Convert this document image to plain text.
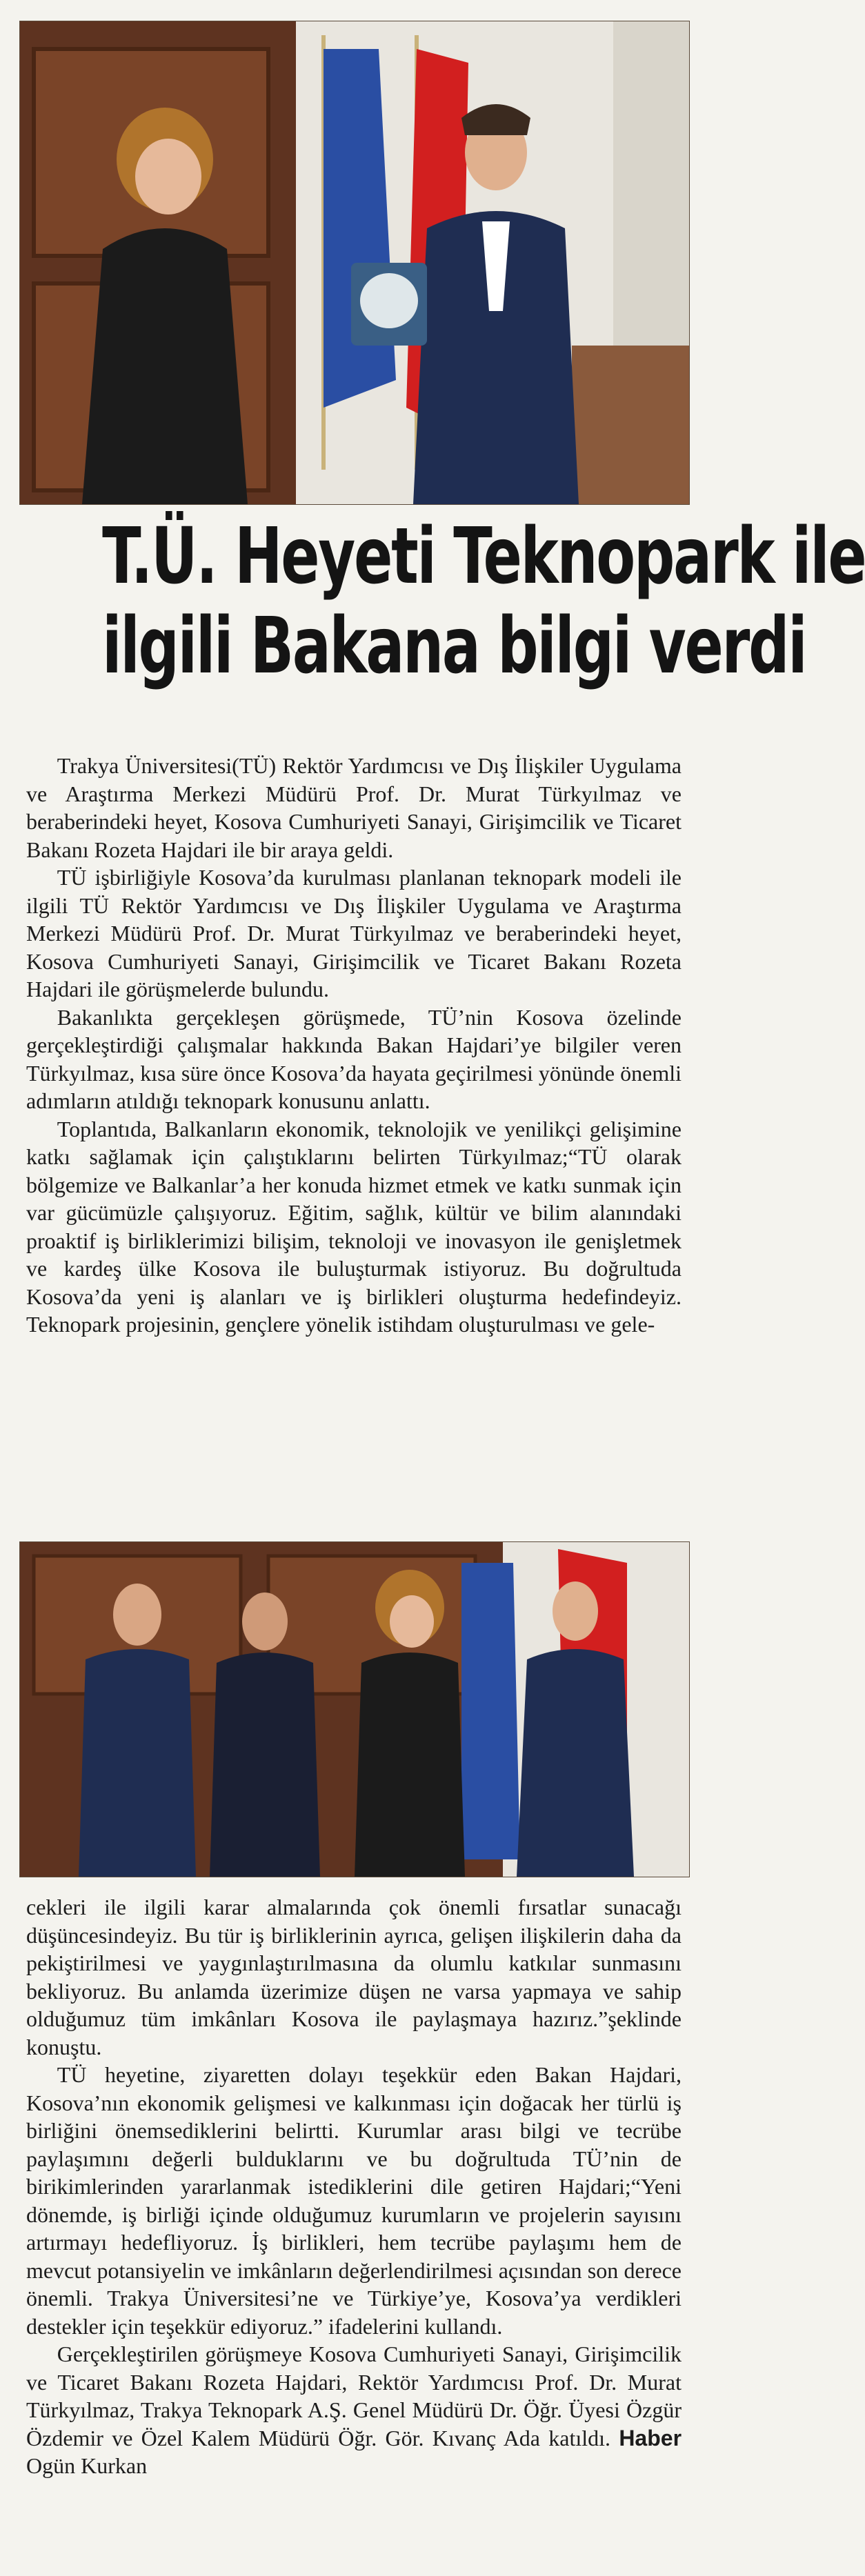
T.Ü. Heyeti Teknopark ile
ilgili Bakana bilgi verdi

Trakya Üniversitesi(TÜ) Rektör Yardımcısı ve Dış İlişkiler Uygulama ve Araştırma Merkezi Müdürü Prof. Dr. Murat Türkyılmaz ve beraberindeki heyet, Kosova Cumhuriyeti Sanayi, Girişimcilik ve Ticaret Bakanı Rozeta Hajdari ile bir araya geldi.

TÜ işbirliğiyle Kosova’da kurulması planlanan teknopark modeli ile ilgili TÜ Rektör Yardımcısı ve Dış İlişkiler Uygulama ve Araştırma Merkezi Müdürü Prof. Dr. Murat Türkyılmaz ve beraberindeki heyet, Kosova Cumhuriyeti Sanayi, Girişimcilik ve Ticaret Bakanı Rozeta Hajdari ile görüşmelerde bulundu.

Bakanlıkta gerçekleşen görüşmede, TÜ’nin Kosova özelinde gerçekleştirdiği çalışmalar hakkında Bakan Hajdari’ye bilgiler veren Türkyılmaz, kısa süre önce Kosova’da hayata geçirilmesi yönünde önemli adımların atıldığı teknopark konusunu anlattı.

Toplantıda, Balkanların ekonomik, teknolojik ve yenilikçi gelişimine katkı sağlamak için çalıştıklarını belirten Türkyılmaz;“TÜ olarak bölgemize ve Balkanlar’a her konuda hizmet etmek ve katkı sunmak için var gücümüzle çalışıyoruz. Eğitim, sağlık, kültür ve bilim alanındaki proaktif iş birliklerimizi bilişim, teknoloji ve inovasyon ile genişletmek ve kardeş ülke Kosova ile buluşturmak istiyoruz. Bu doğrultuda Kosova’da yeni iş alanları ve iş birlikleri oluşturma hedefindeyiz. Teknopark projesinin, gençlere yönelik istihdam oluşturulması ve gele-

cekleri ile ilgili karar almalarında çok önemli fırsatlar sunacağı düşüncesindeyiz. Bu tür iş birliklerinin ayrıca, gelişen ilişkilerin daha da pekiştirilmesi ve yaygınlaştırılmasına da olumlu katkılar sunmasını bekliyoruz. Bu anlamda üzerimize düşen ne varsa yapmaya ve sahip olduğumuz tüm imkânları Kosova ile paylaşmaya hazırız.”şeklinde konuştu.

TÜ heyetine, ziyaretten dolayı teşekkür eden Bakan Hajdari, Kosova’nın ekonomik gelişmesi ve kalkınması için doğacak her türlü iş birliğini önemsediklerini belirtti. Kurumlar arası bilgi ve tecrübe paylaşımını değerli bulduklarını ve bu doğrultuda TÜ’nin de birikimlerinden yararlanmak istediklerini dile getiren Hajdari;“Yeni dönemde, iş birliği içinde olduğumuz kurumların ve projelerin sayısını artırmayı hedefliyoruz. İş birlikleri, hem tecrübe paylaşımı hem de mevcut potansiyelin ve imkânların değerlendirilmesi açısından son derece önemli. Trakya Üniversitesi’ne ve Türkiye’ye, Kosova’ya verdikleri destekler için teşekkür ediyoruz.” ifadelerini kullandı.

Gerçekleştirilen görüşmeye Kosova Cumhuriyeti Sanayi, Girişimcilik ve Ticaret Bakanı Rozeta Hajdari, Rektör Yardımcısı Prof. Dr. Murat Türkyılmaz, Trakya Teknopark A.Ş. Genel Müdürü Dr. Öğr. Üyesi Özgür Özdemir ve Özel Kalem Müdürü Öğr. Gör. Kıvanç Ada katıldı. Haber Ogün Kurkan
